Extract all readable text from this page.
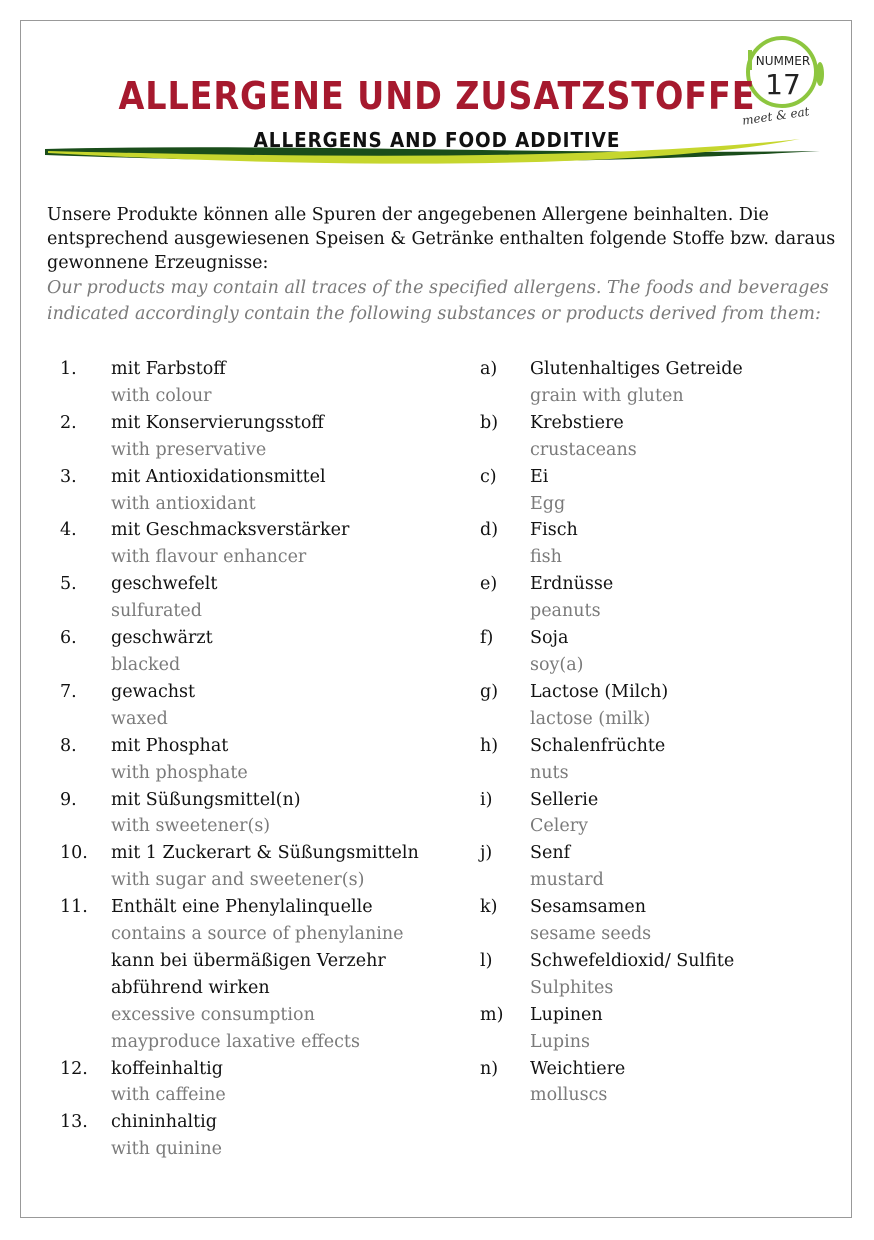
NUMMER
17
meet & eat
ALLERGENE UND ZUSATZSTOFFE
ALLERGENS AND FOOD ADDITIVE
Unsere Produkte können alle Spuren der angegebenen Allergene beinhalten. Die entsprechend ausgewiesenen Speisen & Getränke enthalten folgende Stoffe bzw. daraus gewonnene Erzeugnisse:
Our products may contain all traces of the specified allergens. The foods and beverages indicated accordingly contain the following substances or products derived from them:
1.	mit Farbstoff
with colour
2.	mit Konservierungsstoff
with preservative
3.	mit Antioxidationsmittel
with antioxidant
4.	mit Geschmacksverstärker
with flavour enhancer
5.	geschwefelt
sulfurated
6.	geschwärzt
blacked
7.	gewachst
waxed
8.	mit Phosphat
with phosphate
9.	mit Süßungsmittel(n)
with sweetener(s)
10.	mit 1 Zuckerart & Süßungsmitteln
with sugar and sweetener(s)
11.	Enthält eine Phenylalinquelle
contains a source of phenylanine
kann bei übermäßigen Verzehr
abführend wirken
excessive consumption
mayproduce laxative effects
12.	koffeinhaltig
with caffeine
13.	chininhaltig
with quinine
a)	Glutenhaltiges Getreide
grain with gluten
b)	Krebstiere
crustaceans
c)	Ei
Egg
d)	Fisch
fish
e)	Erdnüsse
peanuts
f)	Soja
soy(a)
g)	Lactose (Milch)
lactose (milk)
h)	Schalenfrüchte
nuts
i)	Sellerie
Celery
j)	Senf
mustard
k)	Sesamsamen
sesame seeds
l)	Schwefeldioxid/ Sulfite
Sulphites
m)	Lupinen
Lupins
n)	Weichtiere
molluscs
